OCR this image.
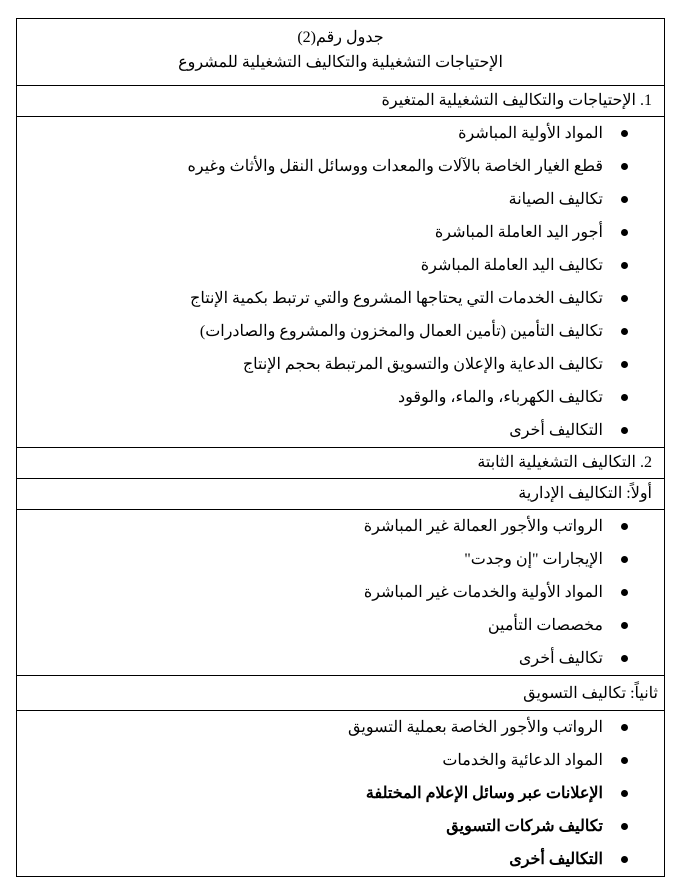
جدول رقم(2)
الإحتياجات التشغيلية والتكاليف التشغيلية للمشروع

1. الإحتياجات والتكاليف التشغيلية المتغيرة

المواد الأولية المباشرة
قطع الغيار الخاصة بالآلات والمعدات ووسائل النقل والأثاث وغيره
تكاليف الصيانة
أجور اليد العاملة المباشرة
تكاليف اليد العاملة المباشرة
تكاليف الخدمات التي يحتاجها المشروع والتي ترتبط بكمية الإنتاج
تكاليف التأمين (تأمين العمال والمخزون والمشروع والصادرات)
تكاليف الدعاية والإعلان والتسويق المرتبطة بحجم الإنتاج
تكاليف الكهرباء، والماء، والوقود
التكاليف أخرى

2. التكاليف التشغيلية الثابتة

أولاً: التكاليف الإدارية

الرواتب والأجور العمالة غير المباشرة
الإيجارات "إن وجدت"
المواد الأولية والخدمات غير المباشرة
مخصصات التأمين
تكاليف أخرى

ثانياً: تكاليف التسويق

الرواتب والأجور الخاصة بعملية التسويق
المواد الدعائية والخدمات
الإعلانات عبر وسائل الإعلام المختلفة
تكاليف شركات التسويق
التكاليف أخرى
